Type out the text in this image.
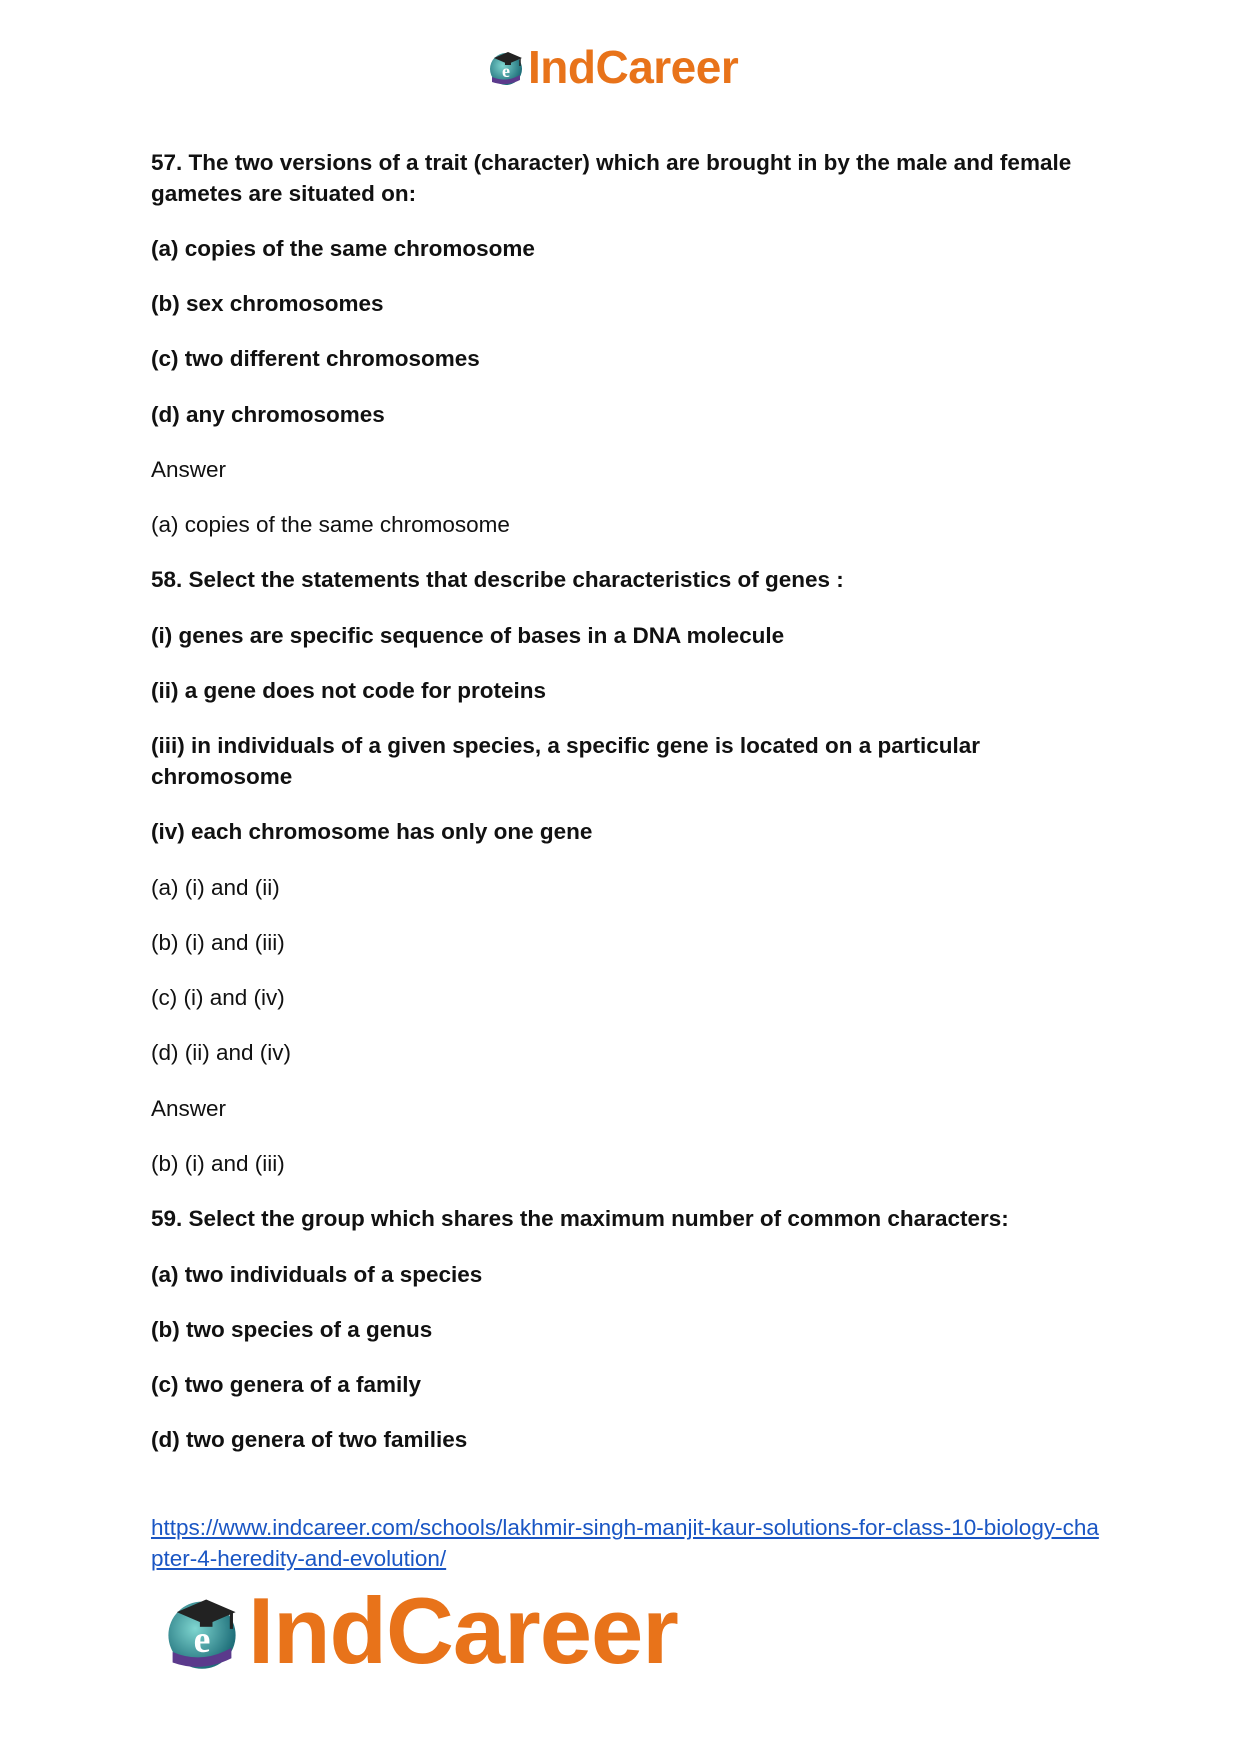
e IndCareer
57. The two versions of a trait (character) which are brought in by the male and female gametes are situated on:
(a) copies of the same chromosome
(b) sex chromosomes
(c) two different chromosomes
(d) any chromosomes
Answer
(a) copies of the same chromosome
58. Select the statements that describe characteristics of genes :
(i) genes are specific sequence of bases in a DNA molecule
(ii) a gene does not code for proteins
(iii) in individuals of a given species, a specific gene is located on a particular chromosome
(iv) each chromosome has only one gene
(a) (i) and (ii)
(b) (i) and (iii)
(c) (i) and (iv)
(d) (ii) and (iv)
Answer
(b) (i) and (iii)
59. Select the group which shares the maximum number of common characters:
(a) two individuals of a species
(b) two species of a genus
(c) two genera of a family
(d) two genera of two families
https://www.indcareer.com/schools/lakhmir-singh-manjit-kaur-solutions-for-class-10-biology-chapter-4-heredity-and-evolution/
e IndCareer
